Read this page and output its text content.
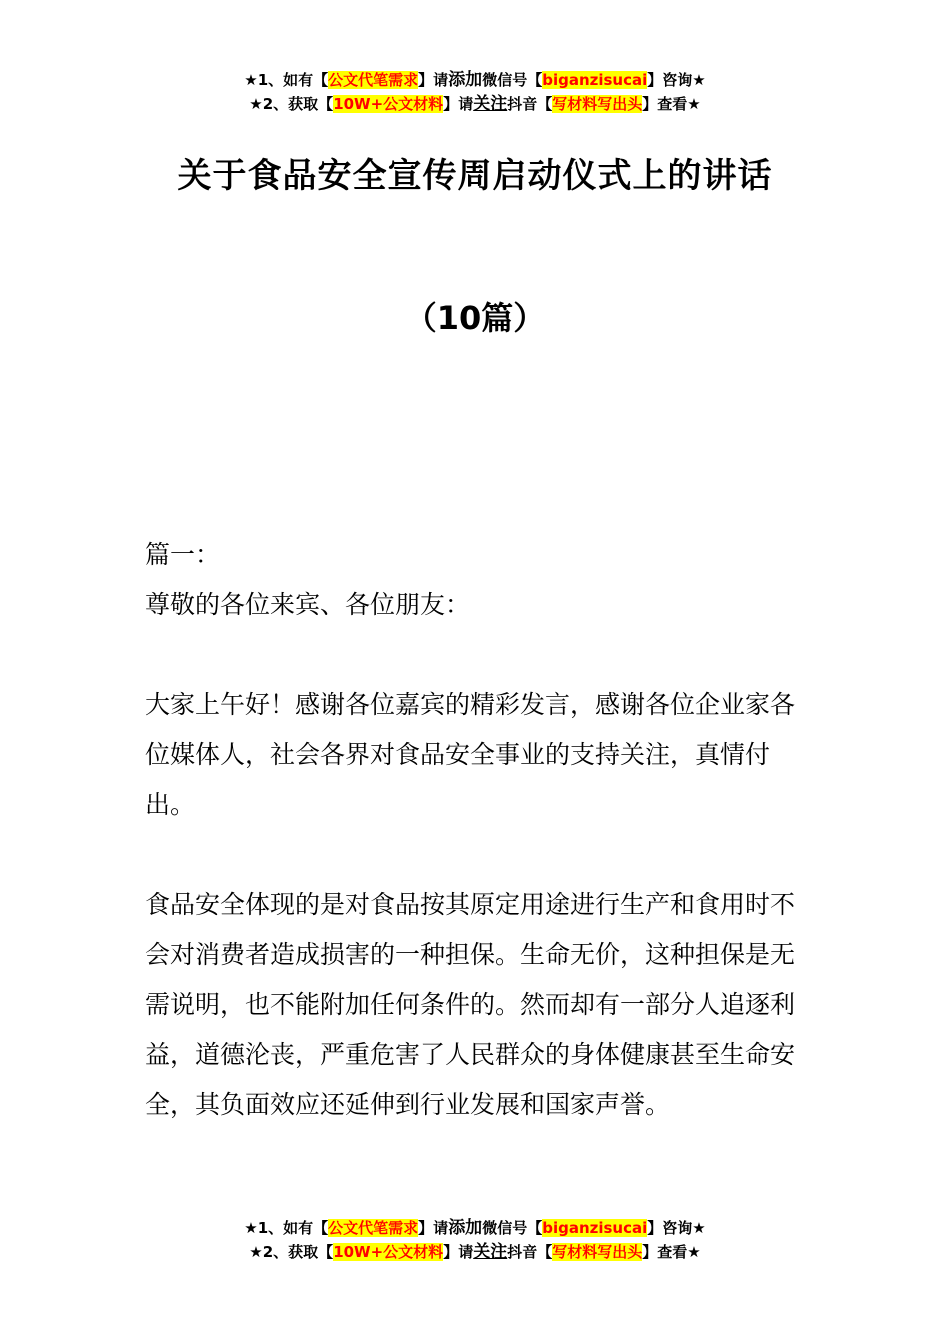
★1、如有【公文代笔需求】请添加微信号【biganzisucai】咨询★
★2、获取【10W+公文材料】请关注抖音【写材料写出头】查看★
关于食品安全宣传周启动仪式上的讲话
（10篇）

篇一：

尊敬的各位来宾、各位朋友：

大家上午好！感谢各位嘉宾的精彩发言，感谢各位企业家各位媒体人，社会各界对食品安全事业的支持关注，真情付出。

食品安全体现的是对食品按其原定用途进行生产和食用时不会对消费者造成损害的一种担保。生命无价，这种担保是无需说明，也不能附加任何条件的。然而却有一部分人追逐利益，道德沦丧，严重危害了人民群众的身体健康甚至生命安全，其负面效应还延伸到行业发展和国家声誉。

★1、如有【公文代笔需求】请添加微信号【biganzisucai】咨询★
★2、获取【10W+公文材料】请关注抖音【写材料写出头】查看★
